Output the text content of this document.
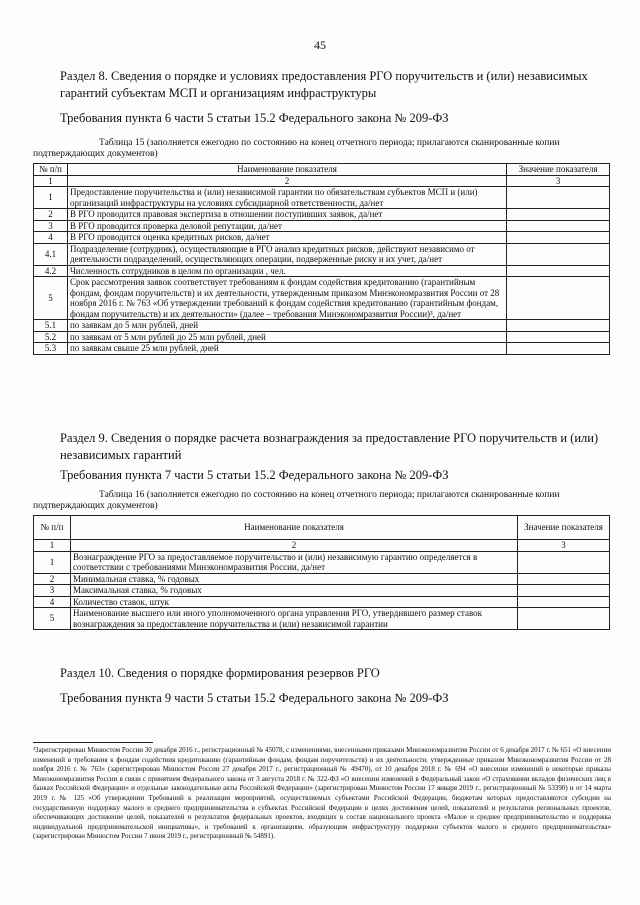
45
Раздел 8. Сведения о порядке и условиях предоставления РГО поручительств и (или) независимых гарантий субъектам МСП и организациям инфраструктуры
Требования пункта 6 части 5 статьи 15.2 Федерального закона № 209-ФЗ
Таблица 15 (заполняется ежегодно по состоянию на конец отчетного периода; прилагаются сканированные копии подтверждающих документов)
№ п/п	Наименование показателя	Значение показателя
1	2	3
1	Предоставление поручительства и (или) независимой гарантии по обязательствам субъектов МСП и (или) организаций инфраструктуры на условиях субсидиарной ответственности, да/нет	
2	В РГО проводится правовая экспертиза в отношении поступивших заявок, да/нет	
3	В РГО проводится проверка деловой репутации, да/нет	
4	В РГО проводится оценка кредитных рисков, да/нет	
4.1	Подразделение (сотрудник), осуществляющие в РГО анализ кредитных рисков, действуют независимо от деятельности подразделений, осуществляющих операции, подверженные риску и их учет, да/нет	
4.2	Численность сотрудников в целом по организации , чел.	
5	Срок рассмотрения заявок соответствует требованиям к фондам содействия кредитованию (гарантийным фондам, фондам поручительств) и их деятельности, утвержденным приказом Минэкономразвития России от 28 ноября 2016 г. № 763 «Об утверждении требований к фондам содействия кредитованию (гарантийным фондам, фондам поручительств) и их деятельности» (далее – требования Минэкономразвития России)³, да/нет	
5.1	по заявкам до 5 млн рублей, дней	
5.2	по заявкам от 5 млн рублей до 25 млн рублей, дней	
5.3	по заявкам свыше 25 млн рублей, дней	
Раздел 9. Сведения о порядке расчета вознаграждения за предоставление РГО поручительств и (или) независимых гарантий
Требования пункта 7 части 5 статьи 15.2 Федерального закона № 209-ФЗ
Таблица 16 (заполняется ежегодно по состоянию на конец отчетного периода; прилагаются сканированные копии подтверждающих документов)
№ п/п	Наименование показателя	Значение показателя
1	2	3
1	Вознаграждение РГО за предоставляемое поручительство и (или) независимую гарантию определяется в соответствии с требованиями Минэкономразвития России, да/нет	
2	Минимальная ставка, % годовых	
3	Максимальная ставка, % годовых	
4	Количество ставок, штук	
5	Наименование высшего или иного уполномоченного органа управления РГО, утвердившего размер ставок вознаграждения за предоставление поручительства и (или) независимой гарантии	
Раздел 10. Сведения о порядке формирования резервов РГО
Требования пункта 9 части 5 статьи 15.2 Федерального закона № 209-ФЗ
³Зарегистрирован Минюстом России 30 декабря 2016 г., регистрационный № 45078, с изменениями, внесенными приказами Минэкономразвития России от 6 декабря 2017 г. № 651 «О внесении изменений в требования к фондам содействия кредитованию (гарантийным фондам, фондам поручительств) и их деятельности, утвержденные приказом Минэкономразвития России от 28 ноября 2016 г. № 763» (зарегистрирован Минюстом России 27 декабря 2017 г., регистрационный № 49470), от 10 декабря 2018 г. № 694 «О внесении изменений в некоторые приказы Минэкономразвития России в связи с принятием Федерального закона от 3 августа 2018 г. № 322-ФЗ «О внесении изменений в Федеральный закон «О страховании вкладов физических лиц в банках Российской Федерации» и отдельные законодательные акты Российской Федерации» (зарегистрирован Минюстом России 17 января 2019 г., регистрационный № 53390) и от 14 марта 2019 г. № 125 «Об утверждении Требований к реализации мероприятий, осуществляемых субъектами Российской Федерации, бюджетам которых предоставляются субсидии на государственную поддержку малого и среднего предпринимательства в субъектах Российской Федерации в целях достижения целей, показателей и результатов региональных проектов, обеспечивающих достижение целей, показателей и результатов федеральных проектов, входящих в состав национального проекта «Малое и среднее предпринимательство и поддержка индивидуальной предпринимательской инициативы», и требований к организациям, образующим инфраструктуру поддержки субъектов малого и среднего предпринимательства» (зарегистрирован Минюстом России 7 июня 2019 г., регистрационный № 54891).
